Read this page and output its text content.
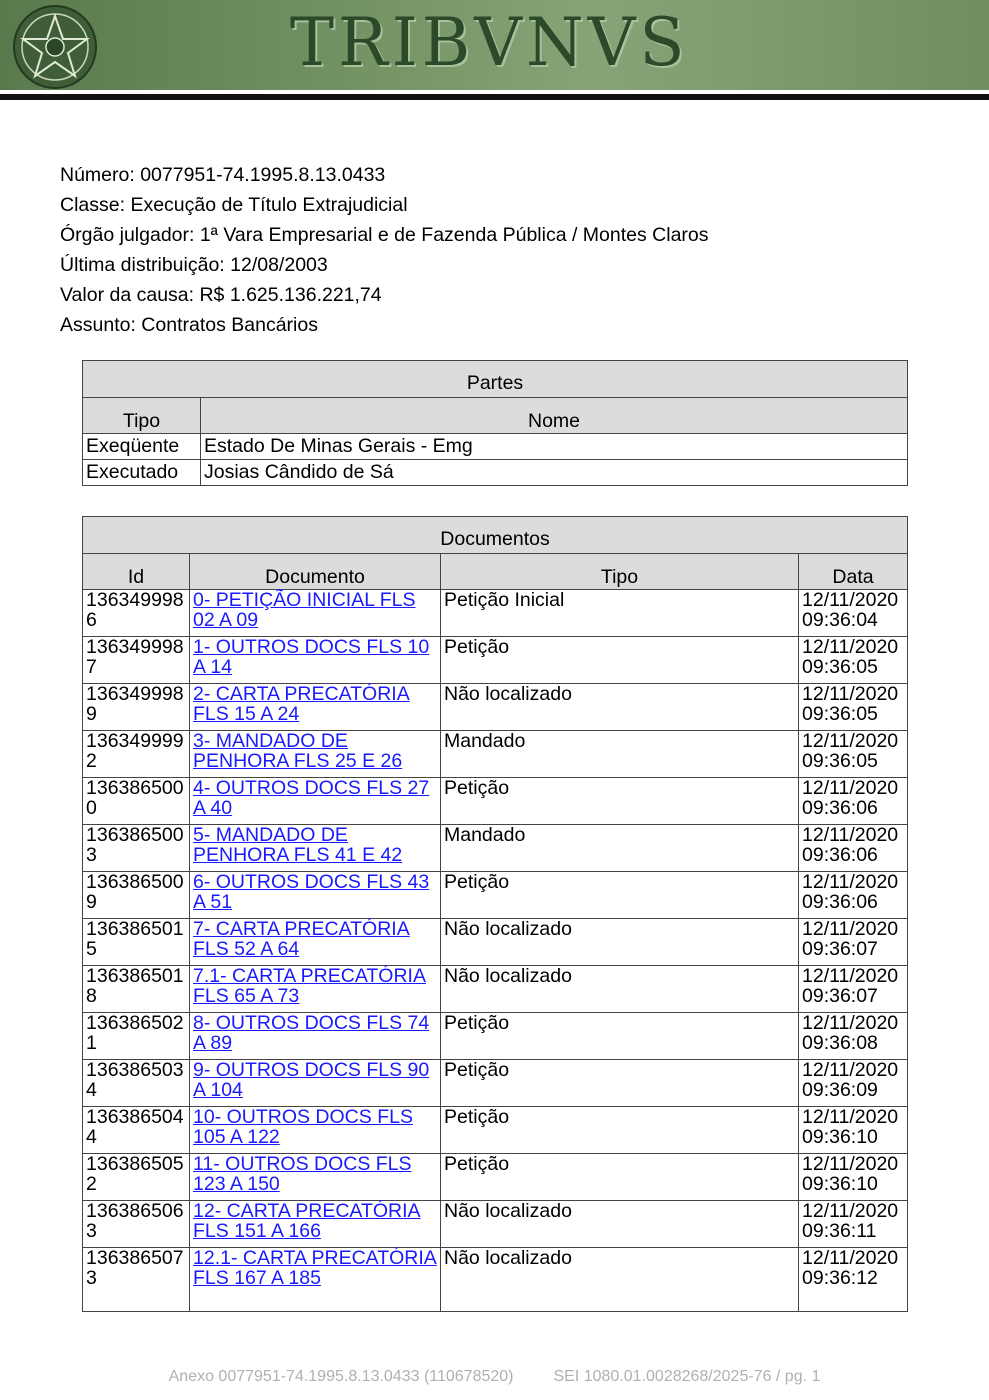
TRIBVNVS
Número: 0077951-74.1995.8.13.0433
Classe: Execução de Título Extrajudicial
Órgão julgador: 1ª Vara Empresarial e de Fazenda Pública / Montes Claros
Última distribuição: 12/08/2003
Valor da causa: R$ 1.625.136.221,74
Assunto: Contratos Bancários
Partes	
Tipo	Nome
Exeqüente	Estado De Minas Gerais - Emg
Executado	Josias Cândido de Sá
Documentos			
Id	Documento	Tipo	Data
1363499986	0- PETIÇÃO INICIAL FLS 02 A 09	Petição Inicial	12/11/2020 09:36:04
1363499987	1- OUTROS DOCS FLS 10 A 14	Petição	12/11/2020 09:36:05
1363499989	2- CARTA PRECATÓRIA FLS 15 A 24	Não localizado	12/11/2020 09:36:05
1363499992	3- MANDADO DE PENHORA FLS 25 E 26	Mandado	12/11/2020 09:36:05
1363865000	4- OUTROS DOCS FLS 27 A 40	Petição	12/11/2020 09:36:06
1363865003	5- MANDADO DE PENHORA FLS 41 E 42	Mandado	12/11/2020 09:36:06
1363865009	6- OUTROS DOCS FLS 43 A 51	Petição	12/11/2020 09:36:06
1363865015	7- CARTA PRECATÓRIA FLS 52 A 64	Não localizado	12/11/2020 09:36:07
1363865018	7.1- CARTA PRECATÓRIA FLS 65 A 73	Não localizado	12/11/2020 09:36:07
1363865021	8- OUTROS DOCS FLS 74 A 89	Petição	12/11/2020 09:36:08
1363865034	9- OUTROS DOCS FLS 90 A 104	Petição	12/11/2020 09:36:09
1363865044	10- OUTROS DOCS FLS 105 A 122	Petição	12/11/2020 09:36:10
1363865052	11- OUTROS DOCS FLS 123 A 150	Petição	12/11/2020 09:36:10
1363865063	12- CARTA PRECATÓRIA FLS 151 A 166	Não localizado	12/11/2020 09:36:11
1363865073	12.1- CARTA PRECATÓRIA FLS 167 A 185	Não localizado	12/11/2020 09:36:12
Anexo 0077951-74.1995.8.13.0433 (110678520)	SEI 1080.01.0028268/2025-76 / pg. 1
